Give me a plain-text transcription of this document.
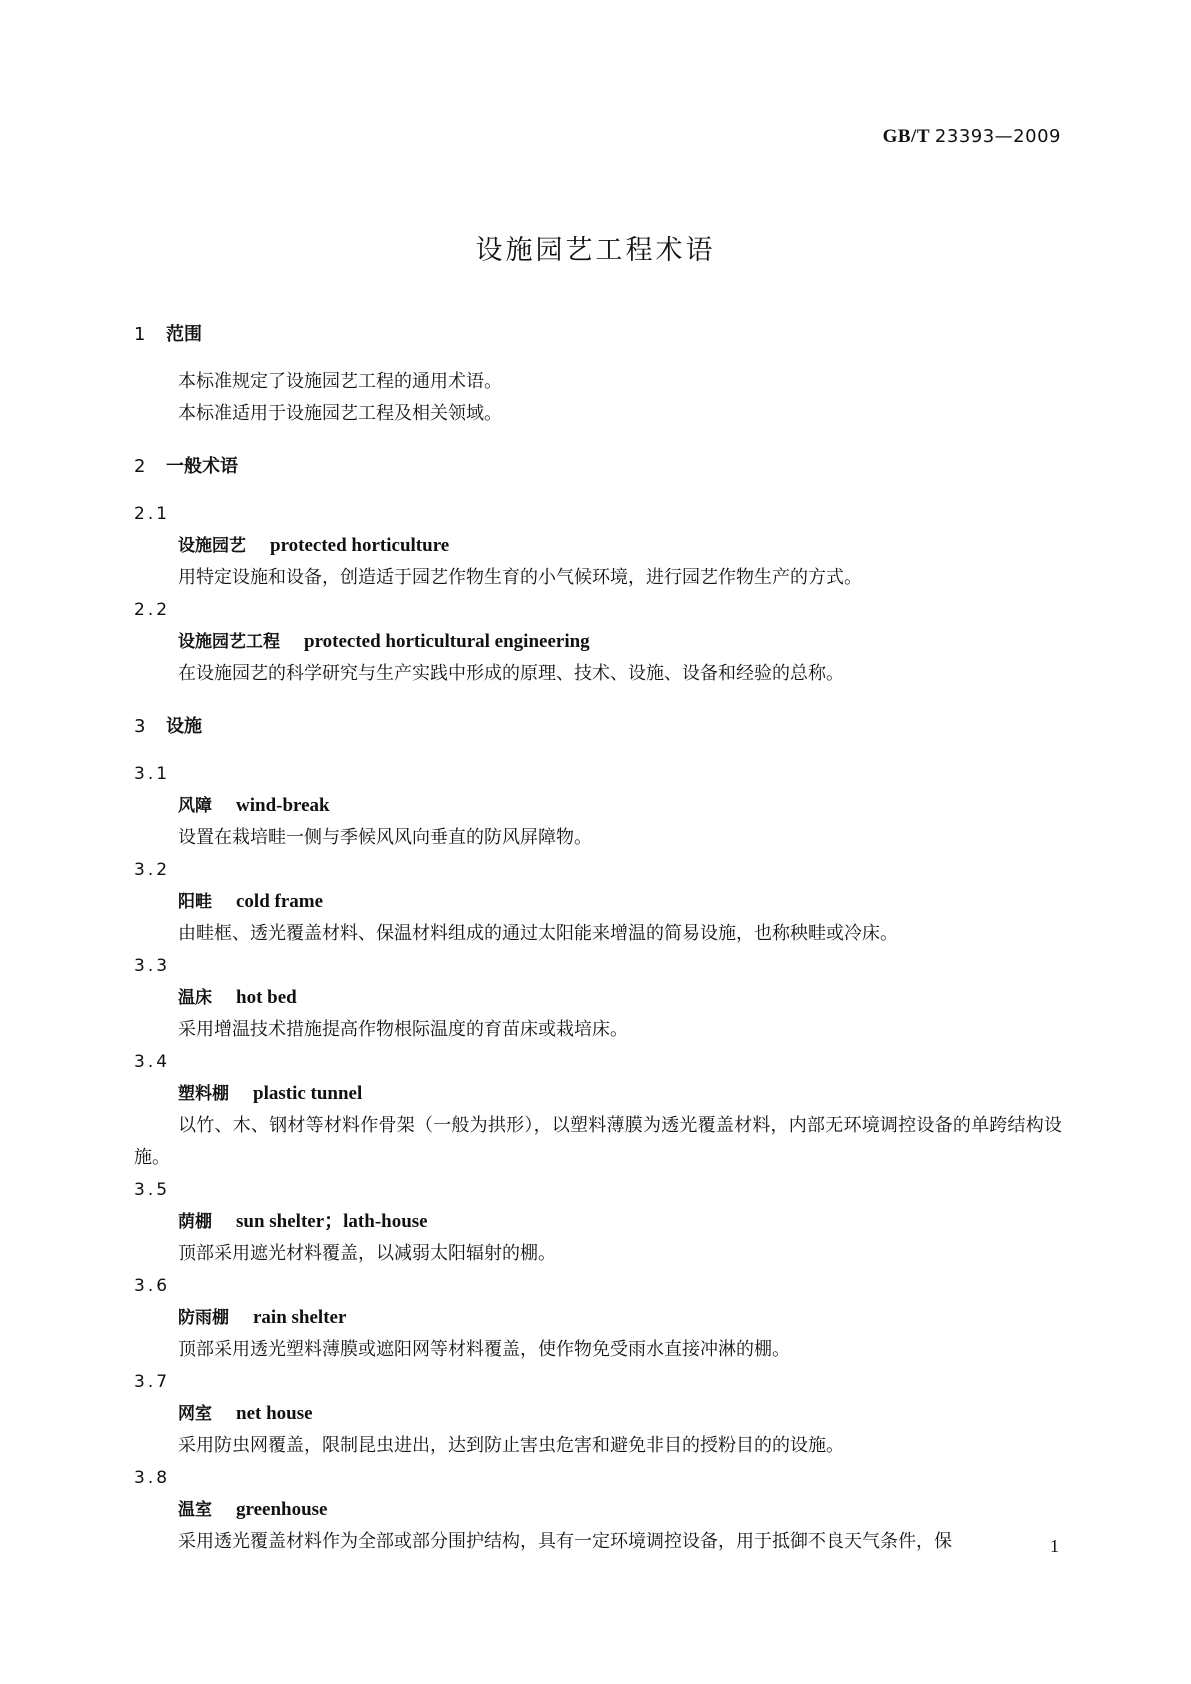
GB/T 23393—2009
设施园艺工程术语
1 范围

本标准规定了设施园艺工程的通用术语。

本标准适用于设施园艺工程及相关领域。

2 一般术语

2.1

设施园艺 protected horticulture

用特定设施和设备，创造适于园艺作物生育的小气候环境，进行园艺作物生产的方式。

2.2

设施园艺工程 protected horticultural engineering

在设施园艺的科学研究与生产实践中形成的原理、技术、设施、设备和经验的总称。

3 设施

3.1

风障 wind-break

设置在栽培畦一侧与季候风风向垂直的防风屏障物。

3.2

阳畦 cold frame

由畦框、透光覆盖材料、保温材料组成的通过太阳能来增温的简易设施，也称秧畦或冷床。

3.3

温床 hot bed

采用增温技术措施提高作物根际温度的育苗床或栽培床。

3.4

塑料棚 plastic tunnel

以竹、木、钢材等材料作骨架（一般为拱形），以塑料薄膜为透光覆盖材料，内部无环境调控设备的单跨结构设施。

3.5

荫棚 sun shelter；lath-house

顶部采用遮光材料覆盖，以减弱太阳辐射的棚。

3.6

防雨棚 rain shelter

顶部采用透光塑料薄膜或遮阳网等材料覆盖，使作物免受雨水直接冲淋的棚。

3.7

网室 net house

采用防虫网覆盖，限制昆虫进出，达到防止害虫危害和避免非目的授粉目的的设施。

3.8

温室 greenhouse

采用透光覆盖材料作为全部或部分围护结构，具有一定环境调控设备，用于抵御不良天气条件，保	1
